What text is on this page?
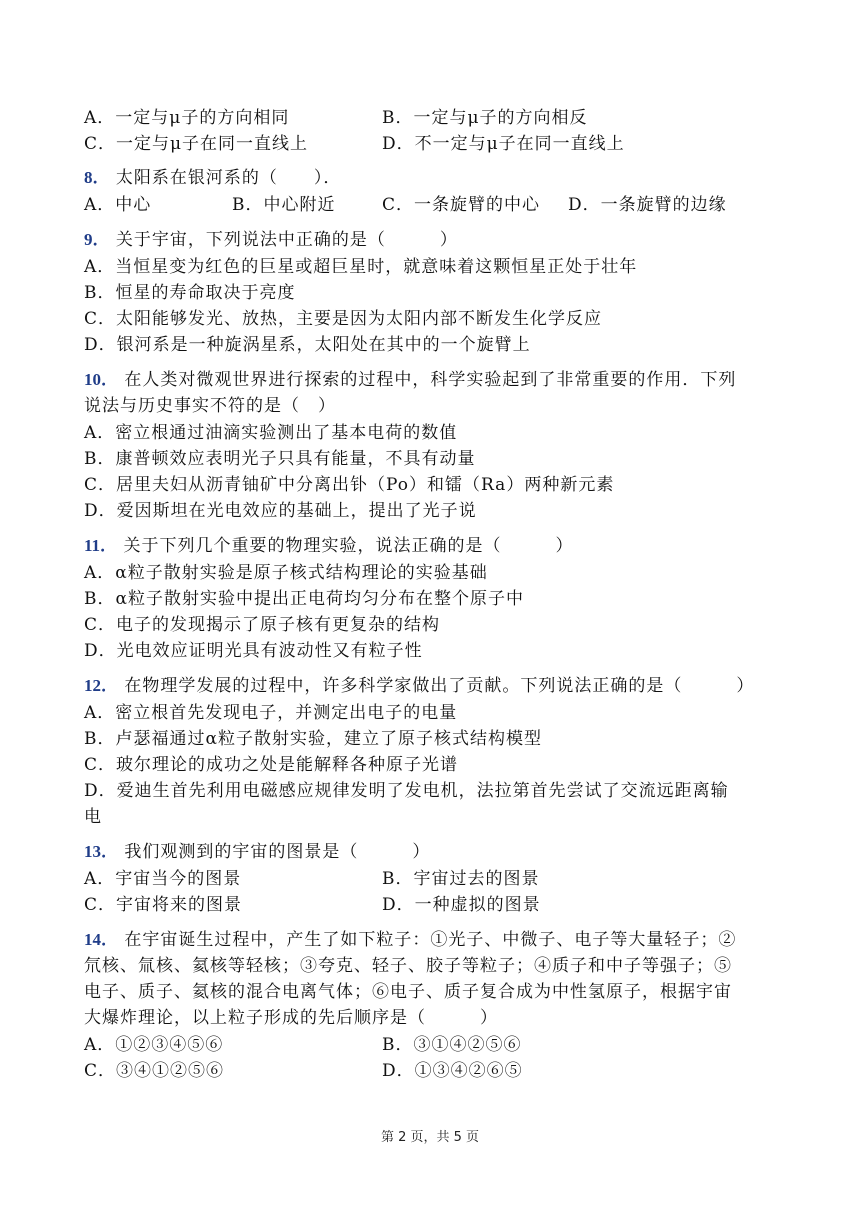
A．一定与μ子的方向相同	B．一定与μ子的方向相反
C．一定与μ子在同一直线上	D．不一定与μ子在同一直线上
8． 太阳系在银河系的（　　）．
A．中心	B．中心附近	C．一条旋臂的中心 D．一条旋臂的边缘
9． 关于宇宙，下列说法中正确的是（　　　）
A．当恒星变为红色的巨星或超巨星时，就意味着这颗恒星正处于壮年
B．恒星的寿命取决于亮度
C．太阳能够发光、放热，主要是因为太阳内部不断发生化学反应
D．银河系是一种旋涡星系，太阳处在其中的一个旋臂上
10． 在人类对微观世界进行探索的过程中，科学实验起到了非常重要的作用．下列
说法与历史事实不符的是（　）
A．密立根通过油滴实验测出了基本电荷的数值
B．康普顿效应表明光子只具有能量，不具有动量
C．居里夫妇从沥青铀矿中分离出钋（Po）和镭（Ra）两种新元素
D．爱因斯坦在光电效应的基础上，提出了光子说
11． 关于下列几个重要的物理实验，说法正确的是（　　　）
A．α粒子散射实验是原子核式结构理论的实验基础
B．α粒子散射实验中提出正电荷均匀分布在整个原子中
C．电子的发现揭示了原子核有更复杂的结构
D．光电效应证明光具有波动性又有粒子性
12． 在物理学发展的过程中，许多科学家做出了贡献。下列说法正确的是（　　　）
A．密立根首先发现电子，并测定出电子的电量
B．卢瑟福通过α粒子散射实验，建立了原子核式结构模型
C．玻尔理论的成功之处是能解释各种原子光谱
D．爱迪生首先利用电磁感应规律发明了发电机，法拉第首先尝试了交流远距离输
电
13． 我们观测到的宇宙的图景是（　　　）
A．宇宙当今的图景	B．宇宙过去的图景
C．宇宙将来的图景	D．一种虚拟的图景
14． 在宇宙诞生过程中，产生了如下粒子：①光子、中微子、电子等大量轻子；②
氘核、氚核、氦核等轻核；③夸克、轻子、胶子等粒子；④质子和中子等强子；⑤
电子、质子、氦核的混合电离气体；⑥电子、质子复合成为中性氢原子，根据宇宙
大爆炸理论，以上粒子形成的先后顺序是（　　　）
A．①②③④⑤⑥	B．③①④②⑤⑥
C．③④①②⑤⑥	D．①③④②⑥⑤
第 2 页，共 5 页
